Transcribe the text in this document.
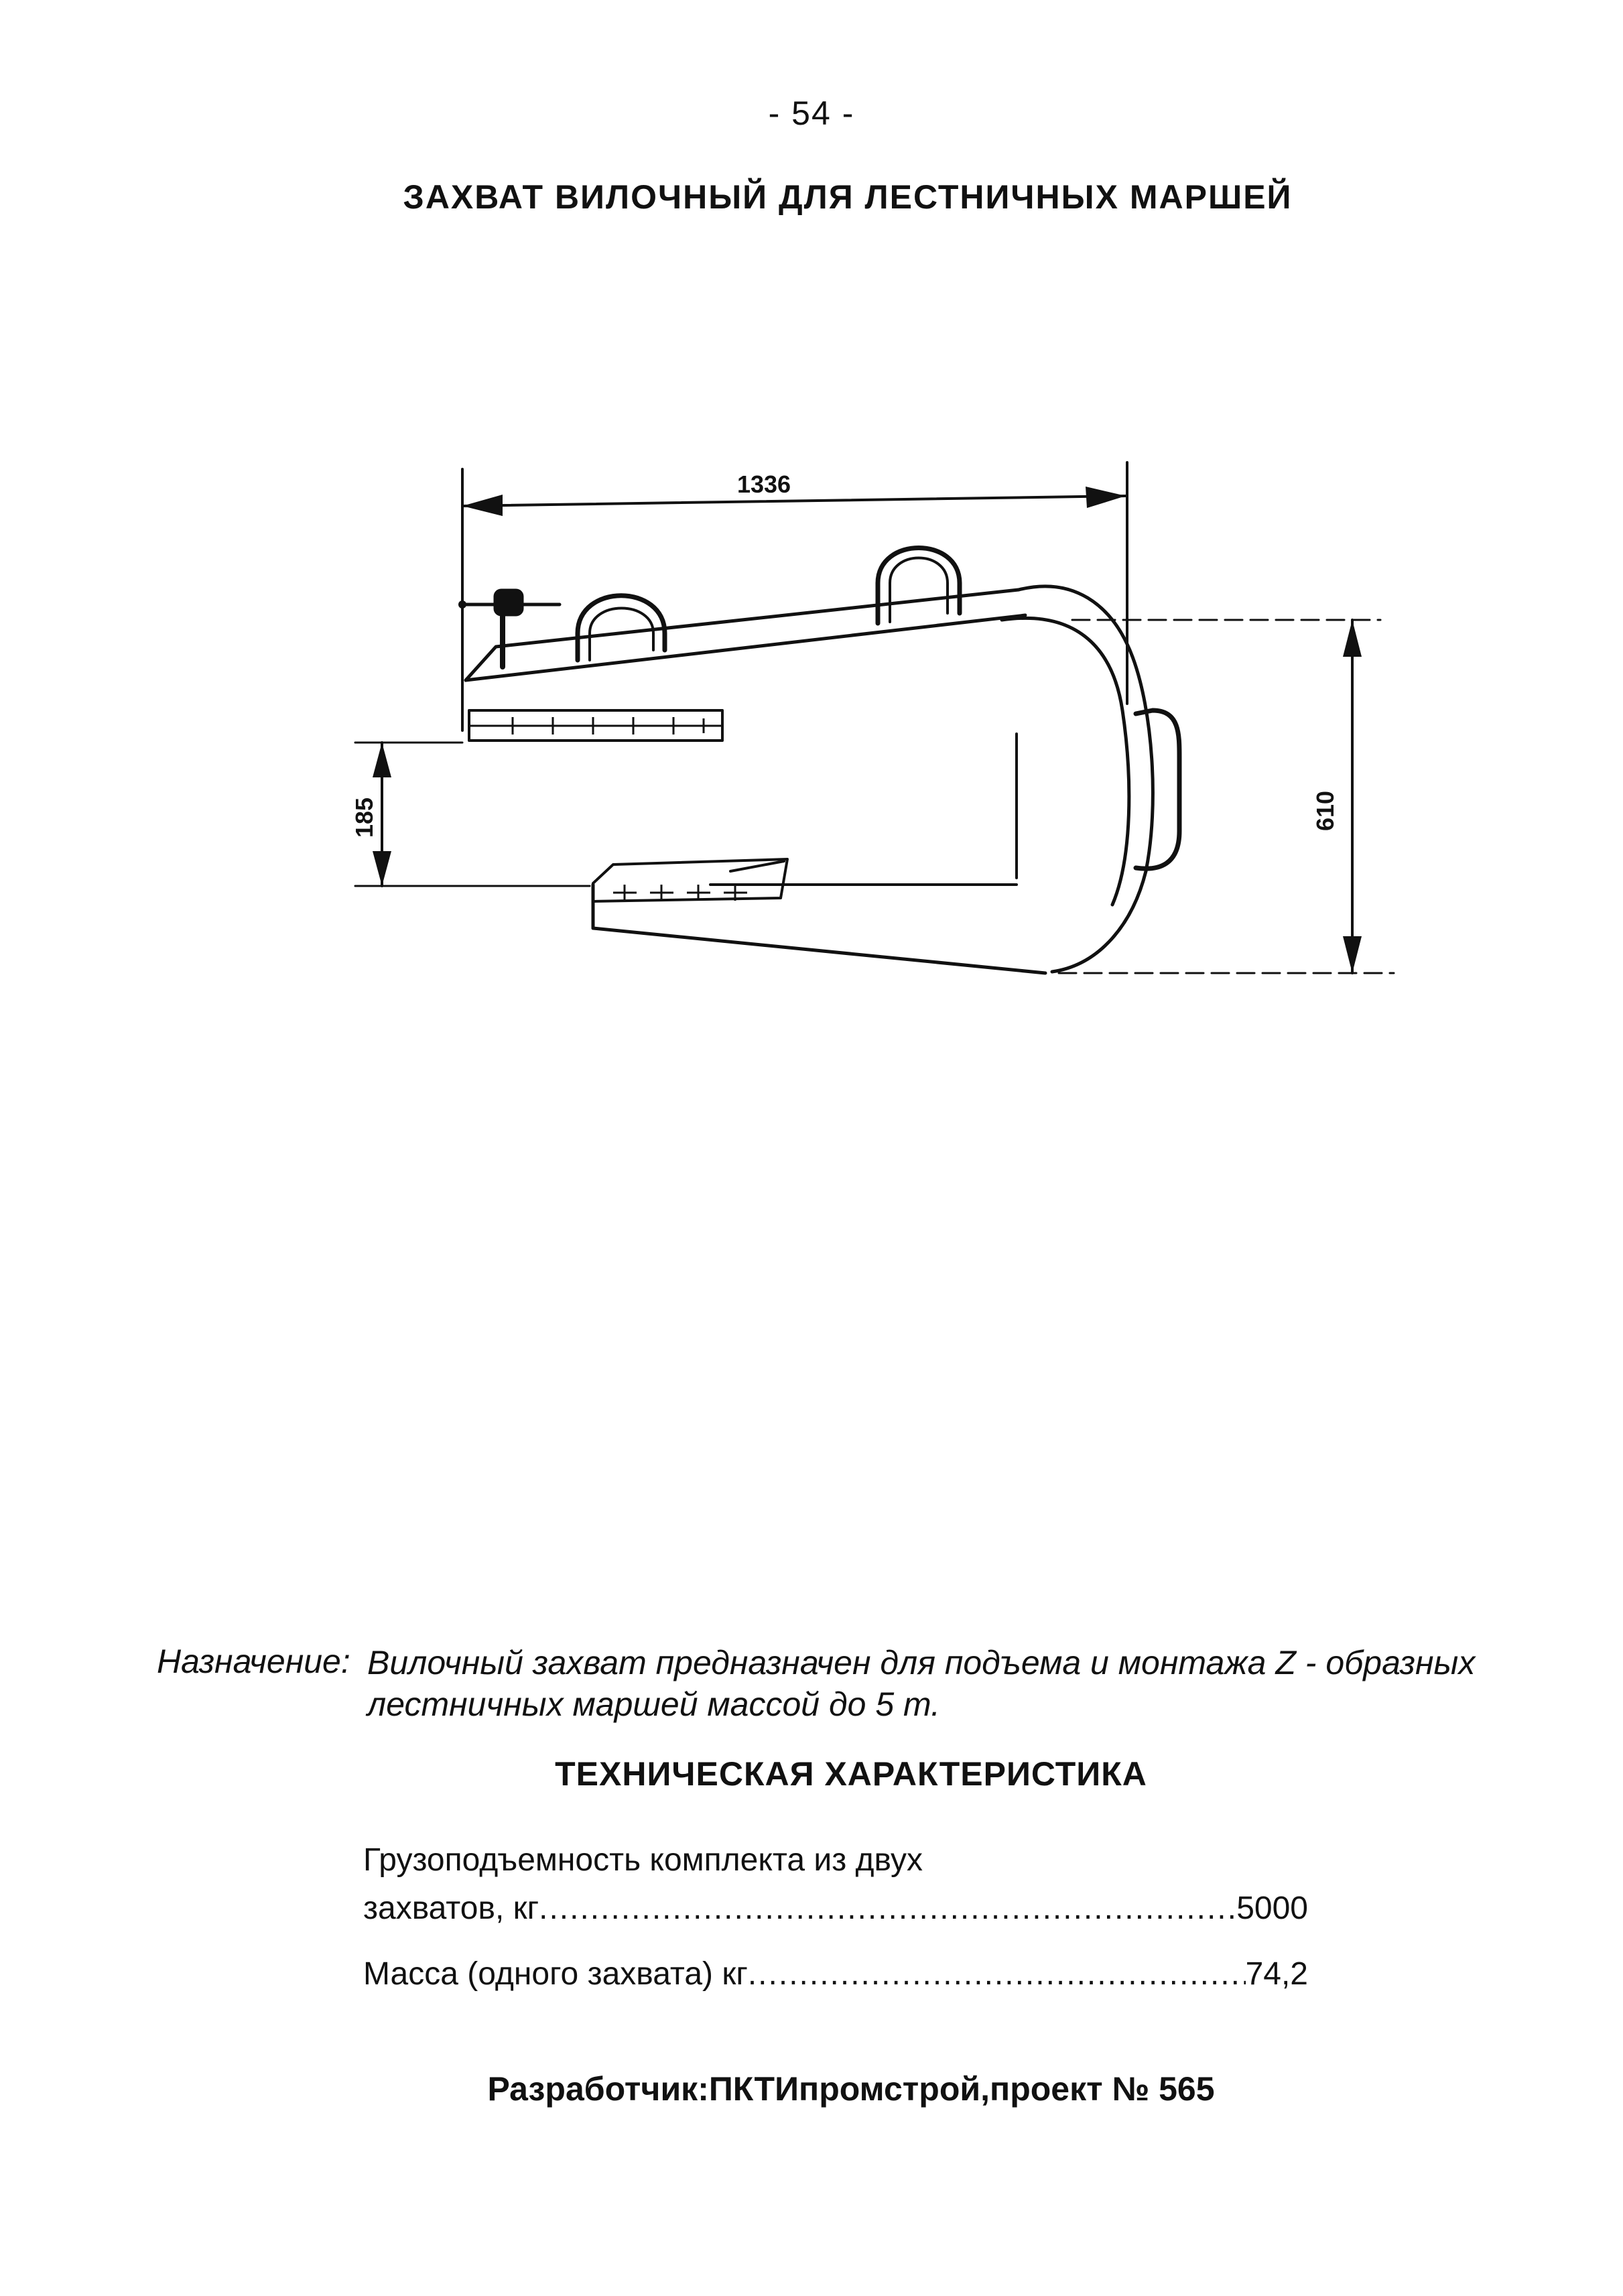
- 54 -
ЗАХВАТ ВИЛОЧНЫЙ ДЛЯ ЛЕСТНИЧНЫХ МАРШЕЙ
1336
185	610
Назначение: Вилочный захват предназначен для подъема и монтажа Z - образных лестничных маршей массой до 5 т.
ТЕХНИЧЕСКАЯ ХАРАКТЕРИСТИКА
Грузоподъемность комплекта из двух
захватов, кг .....	5000
Масса (одного захвата) кг .....	74,2
Разработчик:ПКТИпромстрой,проект № 565
